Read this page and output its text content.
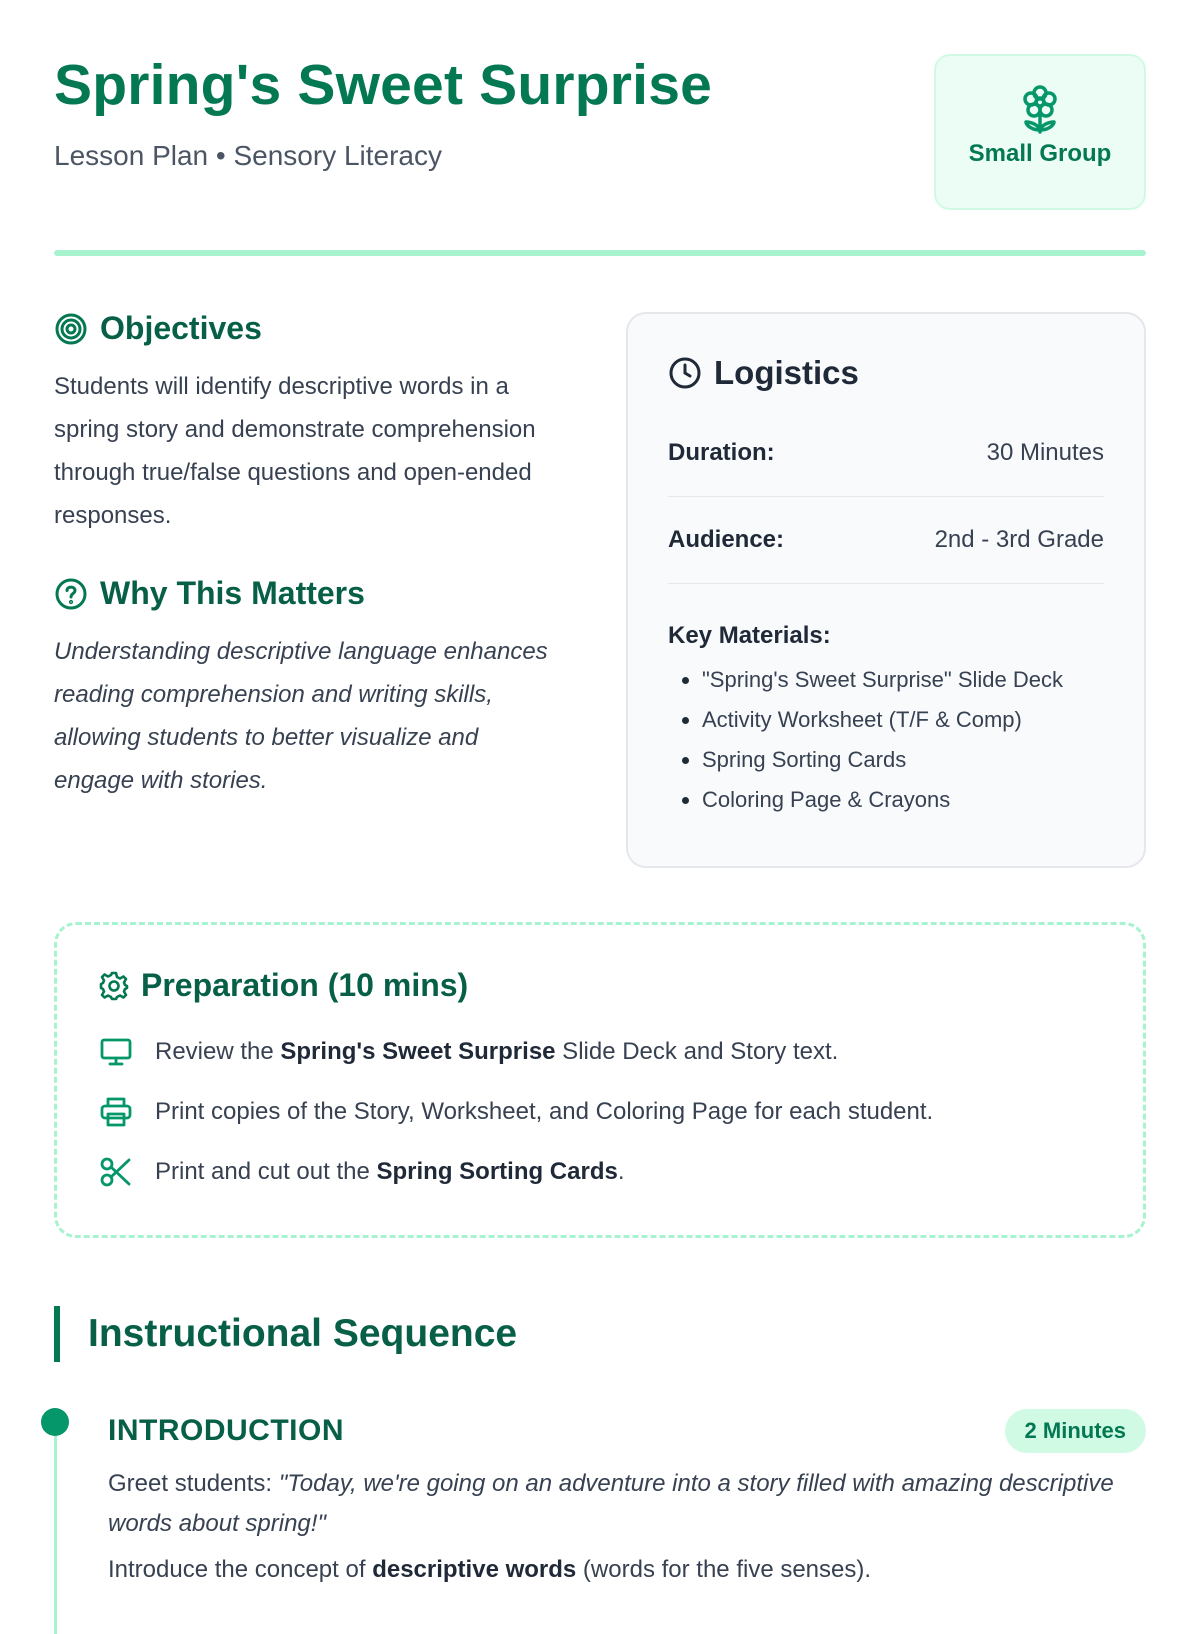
Spring's Sweet Surprise
Lesson Plan • Sensory Literacy	Small Group
Objectives

Students will identify descriptive words in a spring story and demonstrate comprehension through true/false questions and open-ended responses.

Why This Matters

Understanding descriptive language enhances reading comprehension and writing skills, allowing students to better visualize and engage with stories.

Logistics
Duration:	30 Minutes
Audience:	2nd - 3rd Grade
Key Materials:
• "Spring's Sweet Surprise" Slide Deck
• Activity Worksheet (T/F & Comp)
• Spring Sorting Cards
• Coloring Page & Crayons
Preparation (10 mins)
Review the Spring's Sweet Surprise Slide Deck and Story text.
Print copies of the Story, Worksheet, and Coloring Page for each student.
Print and cut out the Spring Sorting Cards.
Instructional Sequence
INTRODUCTION	2 Minutes

Greet students: "Today, we're going on an adventure into a story filled with amazing descriptive words about spring!"

Introduce the concept of descriptive words (words for the five senses).
